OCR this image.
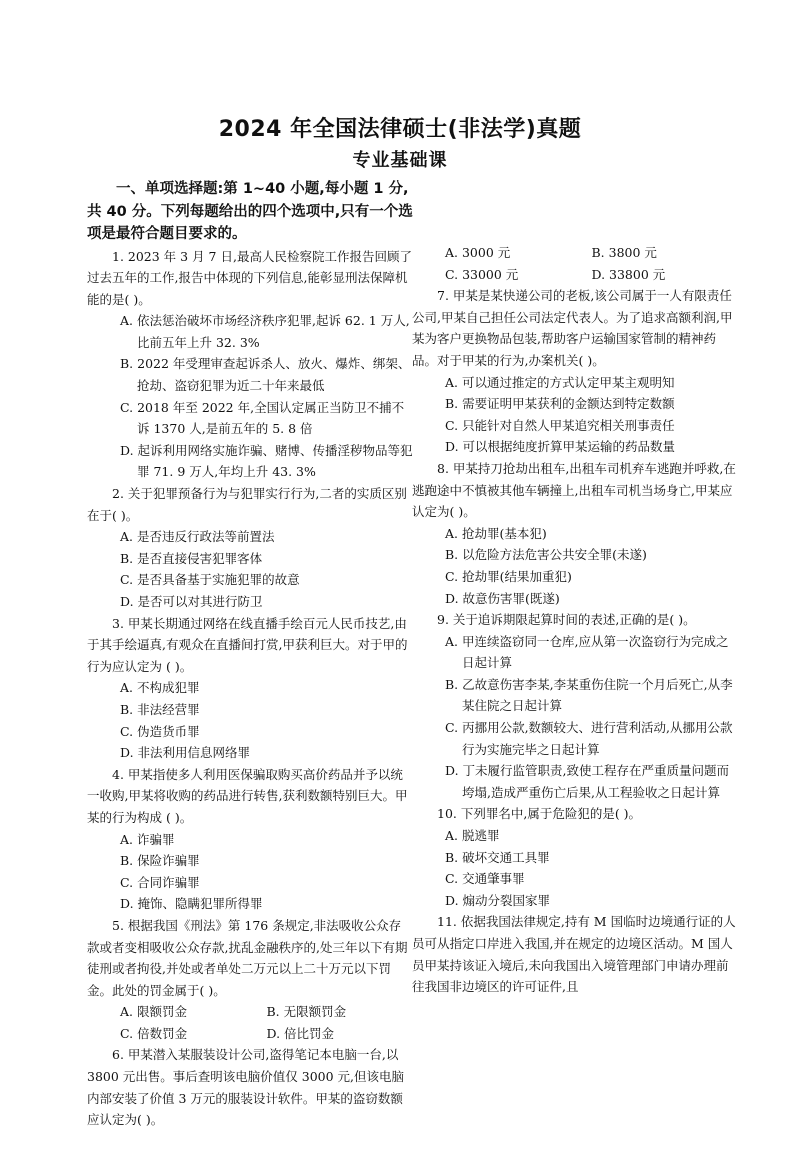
2024 年全国法律硕士(非法学)真题
专业基础课

一、单项选择题:第 1~40 小题,每小题 1 分,共 40 分。下列每题给出的四个选项中,只有一个选项是最符合题目要求的。

1. 2023 年 3 月 7 日,最高人民检察院工作报告回顾了过去五年的工作,报告中体现的下列信息,能彰显刑法保障机能的是( )。

A. 依法惩治破坏市场经济秩序犯罪,起诉 62. 1 万人,比前五年上升 32. 3%

B. 2022 年受理审查起诉杀人、放火、爆炸、绑架、抢劫、盗窃犯罪为近二十年来最低

C. 2018 年至 2022 年,全国认定属正当防卫不捕不诉 1370 人,是前五年的 5. 8 倍

D. 起诉利用网络实施诈骗、赌博、传播淫秽物品等犯罪 71. 9 万人,年均上升 43. 3%

2. 关于犯罪预备行为与犯罪实行行为,二者的实质区别在于( )。

A. 是否违反行政法等前置法

B. 是否直接侵害犯罪客体

C. 是否具备基于实施犯罪的故意

D. 是否可以对其进行防卫

3. 甲某长期通过网络在线直播手绘百元人民币技艺,由于其手绘逼真,有观众在直播间打赏,甲获利巨大。对于甲的行为应认定为 ( )。

A. 不构成犯罪

B. 非法经营罪

C. 伪造货币罪

D. 非法利用信息网络罪

4. 甲某指使多人利用医保骗取购买高价药品并予以统一收购,甲某将收购的药品进行转售,获利数额特别巨大。甲某的行为构成 ( )。

A. 诈骗罪

B. 保险诈骗罪

C. 合同诈骗罪

D. 掩饰、隐瞒犯罪所得罪

5. 根据我国《刑法》第 176 条规定,非法吸收公众存款或者变相吸收公众存款,扰乱金融秩序的,处三年以下有期徒刑或者拘役,并处或者单处二万元以上二十万元以下罚金。此处的罚金属于( )。

A. 限额罚金	B. 无限额罚金
C. 倍数罚金	D. 倍比罚金

6. 甲某潜入某服装设计公司,盗得笔记本电脑一台,以 3800 元出售。事后查明该电脑价值仅 3000 元,但该电脑内部安装了价值 3 万元的服装设计软件。甲某的盗窃数额应认定为( )。

A. 3000 元	B. 3800 元
C. 33000 元	D. 33800 元

7. 甲某是某快递公司的老板,该公司属于一人有限责任公司,甲某自己担任公司法定代表人。为了追求高额利润,甲某为客户更换物品包装,帮助客户运输国家管制的精神药品。对于甲某的行为,办案机关( )。

A. 可以通过推定的方式认定甲某主观明知

B. 需要证明甲某获利的金额达到特定数额

C. 只能针对自然人甲某追究相关刑事责任

D. 可以根据纯度折算甲某运输的药品数量

8. 甲某持刀抢劫出租车,出租车司机弃车逃跑并呼救,在逃跑途中不慎被其他车辆撞上,出租车司机当场身亡,甲某应认定为( )。

A. 抢劫罪(基本犯)

B. 以危险方法危害公共安全罪(未遂)

C. 抢劫罪(结果加重犯)

D. 故意伤害罪(既遂)

9. 关于追诉期限起算时间的表述,正确的是( )。

A. 甲连续盗窃同一仓库,应从第一次盗窃行为完成之日起计算

B. 乙故意伤害李某,李某重伤住院一个月后死亡,从李某住院之日起计算

C. 丙挪用公款,数额较大、进行营利活动,从挪用公款行为实施完毕之日起计算

D. 丁未履行监管职责,致使工程存在严重质量问题而垮塌,造成严重伤亡后果,从工程验收之日起计算

10. 下列罪名中,属于危险犯的是( )。

A. 脱逃罪

B. 破坏交通工具罪

C. 交通肇事罪

D. 煽动分裂国家罪

11. 依据我国法律规定,持有 M 国临时边境通行证的人员可从指定口岸进入我国,并在规定的边境区活动。M 国人员甲某持该证入境后,未向我国出入境管理部门申请办理前往我国非边境区的许可证件,且
